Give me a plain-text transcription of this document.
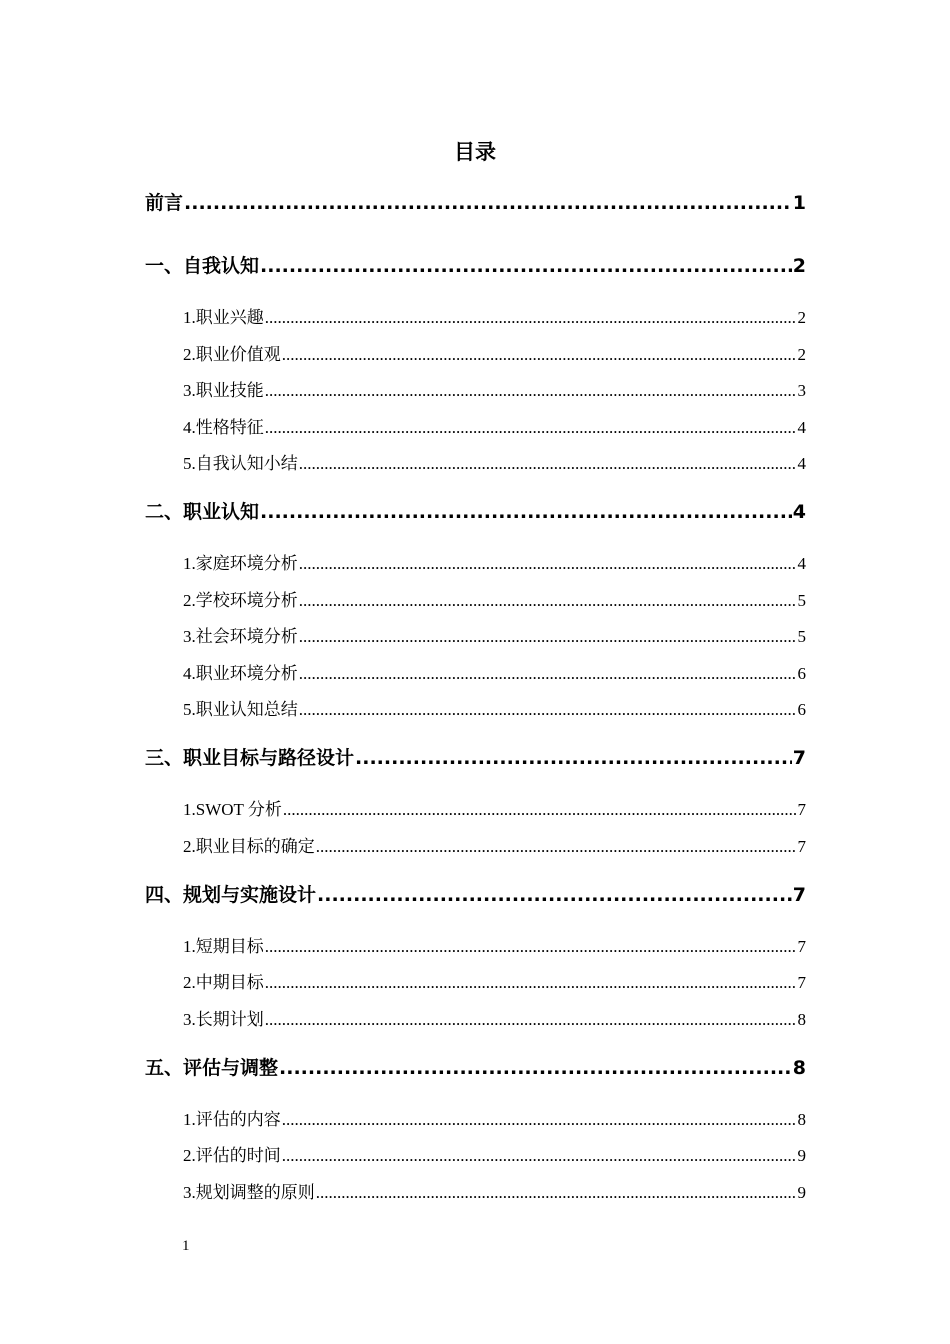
目录
前言 .....	1
一、自我认知 .....	2
1.职业兴趣 .....	2
2.职业价值观 .....	2
3.职业技能 .....	3
4.性格特征 .....	4
5.自我认知小结 .....	4
二、职业认知 .....	4
1.家庭环境分析 .....	4
2.学校环境分析 .....	5
3.社会环境分析 .....	5
4.职业环境分析 .....	6
5.职业认知总结 .....	6
三、职业目标与路径设计 .....	7
1.SWOT 分析 .....	7
2.职业目标的确定 .....	7
四、规划与实施设计 .....	7
1.短期目标 .....	7
2.中期目标 .....	7
3.长期计划 .....	8
五、评估与调整 .....	8
1.评估的内容 .....	8
2.评估的时间 .....	9
3.规划调整的原则 .....	9
1
